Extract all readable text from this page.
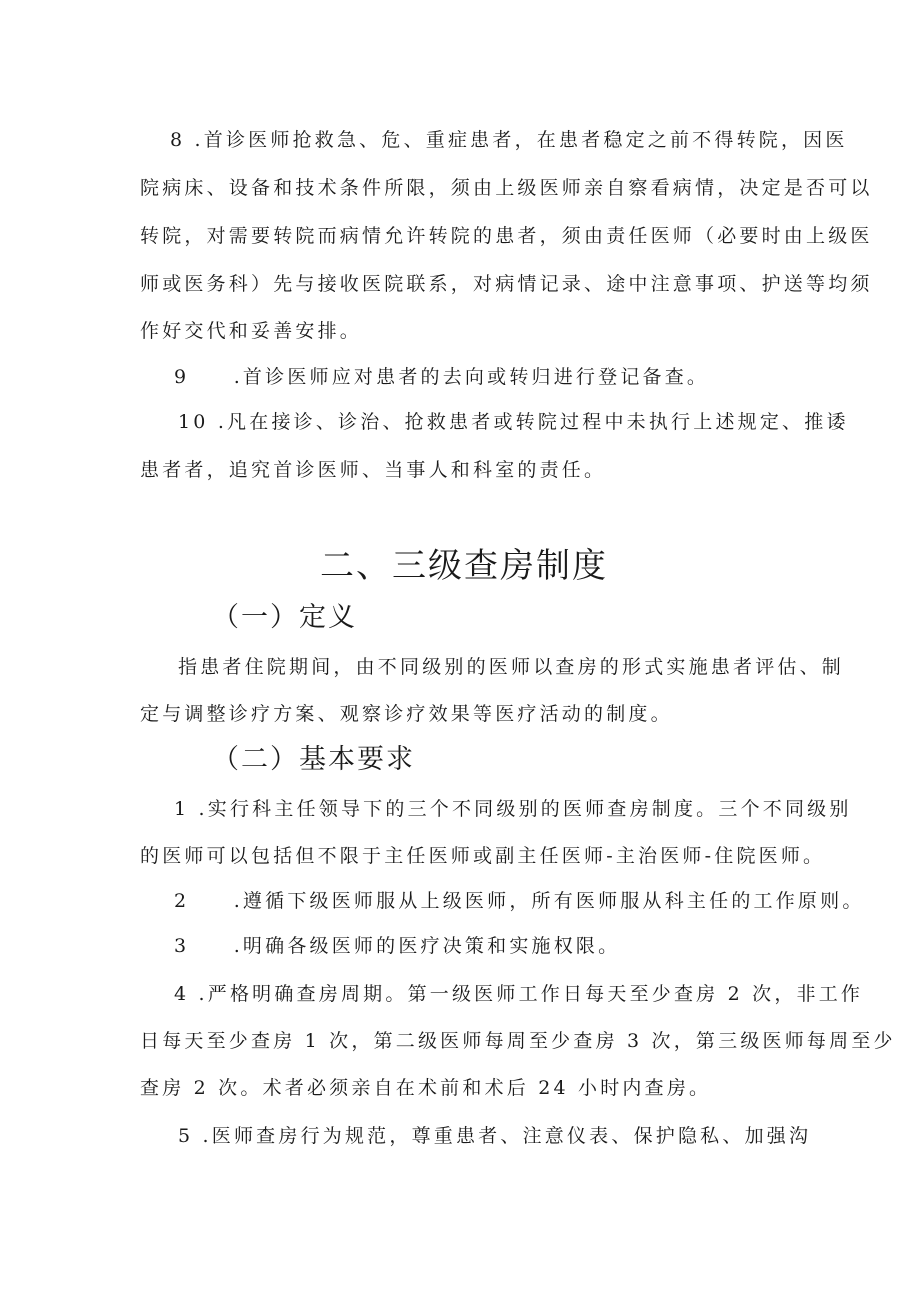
8 .首诊医师抢救急、危、重症患者，在患者稳定之前不得转院，因医
院病床、设备和技术条件所限，须由上级医师亲自察看病情，决定是否可以
转院，对需要转院而病情允许转院的患者，须由责任医师（必要时由上级医
师或医务科）先与接收医院联系，对病情记录、途中注意事项、护送等均须
作好交代和妥善安排。
9　　.首诊医师应对患者的去向或转归进行登记备查。
10 .凡在接诊、诊治、抢救患者或转院过程中未执行上述规定、推诿
患者者，追究首诊医师、当事人和科室的责任。
二、三级查房制度
（一）定义
指患者住院期间，由不同级别的医师以查房的形式实施患者评估、制
定与调整诊疗方案、观察诊疗效果等医疗活动的制度。
（二）基本要求
1 .实行科主任领导下的三个不同级别的医师查房制度。三个不同级别
的医师可以包括但不限于主任医师或副主任医师-主治医师-住院医师。
2　　.遵循下级医师服从上级医师，所有医师服从科主任的工作原则。
3　　.明确各级医师的医疗决策和实施权限。
4 .严格明确查房周期。第一级医师工作日每天至少查房 2 次，非工作
日每天至少查房 1 次，第二级医师每周至少查房 3 次，第三级医师每周至少
查房 2 次。术者必须亲自在术前和术后 24 小时内查房。
5 .医师查房行为规范，尊重患者、注意仪表、保护隐私、加强沟
